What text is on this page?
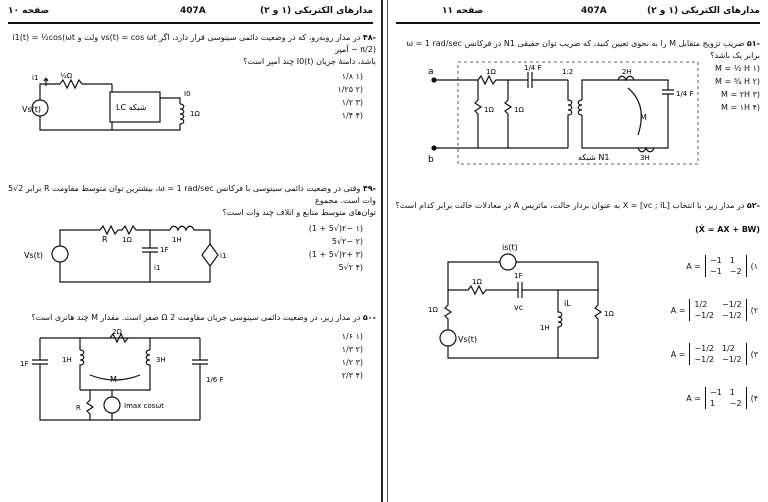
صفحه ۱۰	407A	مدارهای الکتریکی (۱ و ۲)
-۴۸ در مدار روبه‌رو، که در وضعیت دائمی سینوسی قرار دارد، اگر vs(t) = cos ωt ولت و i1(t) = ½cos(ωt − π/2) آمپر
باشد، دامنهٔ جریان I0(t) چند آمپر است؟
Vs(t)
i1	½Ω
LC شبکه
I0
1Ω
(۱ ۱/۸
(۲ ۱/۲۵
(۳ ۱/۲
(۴ ۱/۴
-۴۹ وقتی در وضعیت دائمی سینوسی با فرکانس ω = 1 rad/sec، بیشترین توان متوسط مقاومت R برابر 2√5 وات است. مجموع
توان‌های متوسط منابع و اتلاف چند وات است؟
Vs(t)
R 1Ω	1H
1F
i1
i1
(۱ −۲(√5 + 1)
(۲ −۲√5
(۳ +۲(√5 + 1)
(۴ ۲√5
-۵۰ در مدار زیر، در وضعیت دائمی سینوسی جریان مقاومت 2 Ω صفر است. مقدار M چند هانری است؟
2Ω
1F	1H	3H
M
R	Imax cosωt
1/6 F
(۱ ۱/۶
(۲ ۱/۳
(۳ ۱/۲
(۴ ۲/۳
صفحه ۱۱	407A	مدارهای الکتریکی (۱ و ۲)
-۵۱ ضریب تزویج متقابل M را به نحوی تعیین کنید، که ضریب توان حقیقی N1 در فرکانس ω = 1 rad/sec برابر یک باشد؟
a
b
1Ω	1/4 F
1Ω	1Ω
1:2	2H
M
1/4 F
3H
شبکه N1
(۱ M = ½ H
(۲ M = ¾ H
(۳ M = ۲H
(۴ M = ۱H
-۵۲ در مدار زیر، با انتخاب X = [vc ; iL] به عنوان بردار حالت، ماتریس A در معادلات حالت برابر کدام است؟
(Ẋ = AX + BW)
is(t)
1Ω
1F
vc
1Ω
iL
Vs(t)
1H
1Ω
A =
−1 1
−1 −2
(۱
A =
1/2	−1/2
−1/2 −1/2
(۲
A =
−1/2 1/2
−1/2 −1/2
(۳
A =
−1 1
1	−2
(۴
